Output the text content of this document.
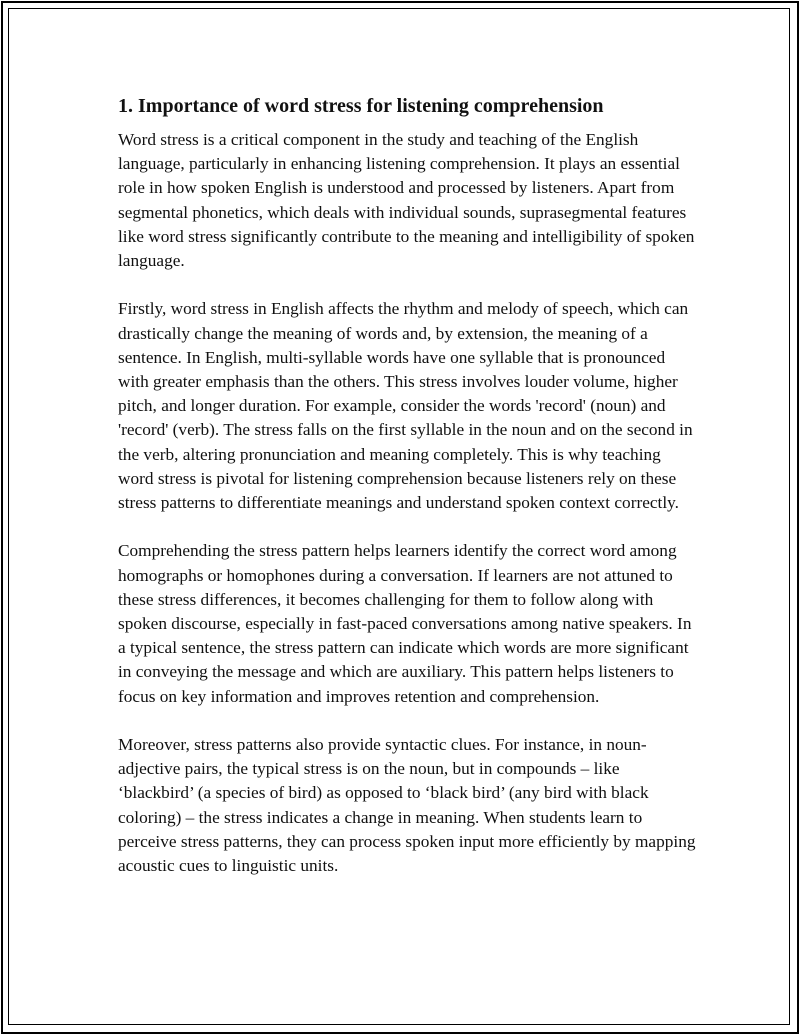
1. Importance of word stress for listening comprehension

Word stress is a critical component in the study and teaching of the English language, particularly in enhancing listening comprehension. It plays an essential role in how spoken English is understood and processed by listeners. Apart from segmental phonetics, which deals with individual sounds, suprasegmental features like word stress significantly contribute to the meaning and intelligibility of spoken language.

Firstly, word stress in English affects the rhythm and melody of speech, which can drastically change the meaning of words and, by extension, the meaning of a sentence. In English, multi-syllable words have one syllable that is pronounced with greater emphasis than the others. This stress involves louder volume, higher pitch, and longer duration. For example, consider the words 'record' (noun) and 'record' (verb). The stress falls on the first syllable in the noun and on the second in the verb, altering pronunciation and meaning completely. This is why teaching word stress is pivotal for listening comprehension because listeners rely on these stress patterns to differentiate meanings and understand spoken context correctly.

Comprehending the stress pattern helps learners identify the correct word among homographs or homophones during a conversation. If learners are not attuned to these stress differences, it becomes challenging for them to follow along with spoken discourse, especially in fast-paced conversations among native speakers. In a typical sentence, the stress pattern can indicate which words are more significant in conveying the message and which are auxiliary. This pattern helps listeners to focus on key information and improves retention and comprehension.

Moreover, stress patterns also provide syntactic clues. For instance, in noun-adjective pairs, the typical stress is on the noun, but in compounds – like ‘blackbird’ (a species of bird) as opposed to ‘black bird’ (any bird with black coloring) – the stress indicates a change in meaning. When students learn to perceive stress patterns, they can process spoken input more efficiently by mapping acoustic cues to linguistic units.
